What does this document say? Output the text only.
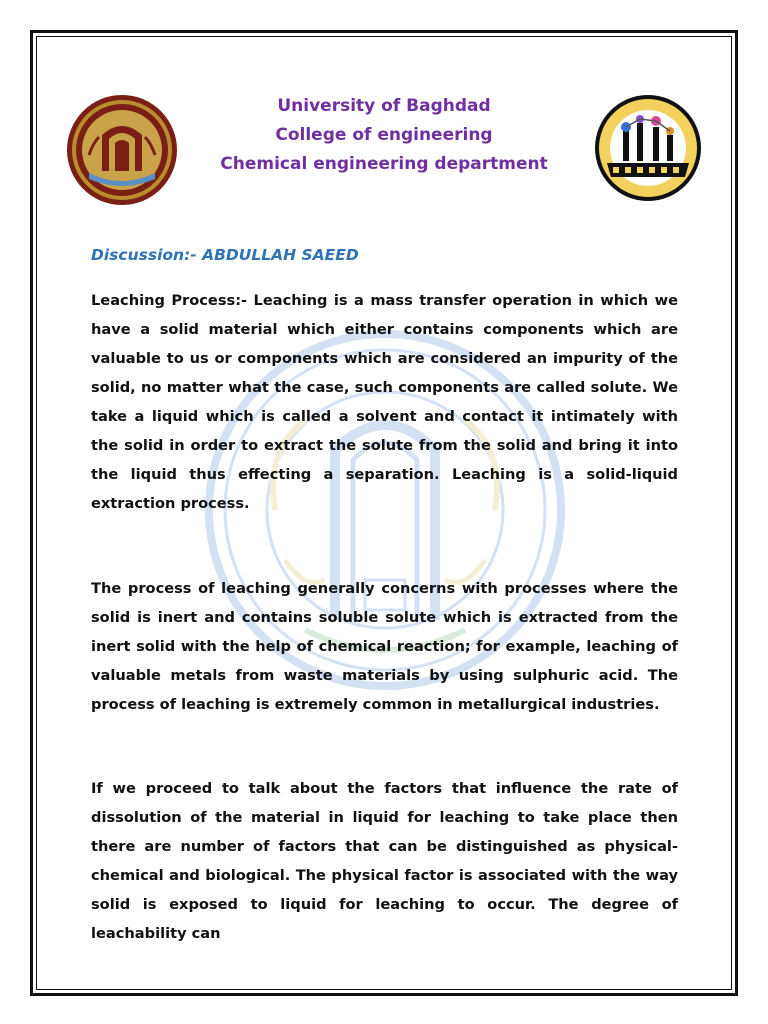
University of Baghdad
College of engineering
Chemical engineering department
Discussion:- ABDULLAH SAEED

Leaching Process:- Leaching is a mass transfer operation in which we have a solid material which either contains components which are valuable to us or components which are considered an impurity of the solid, no matter what the case, such components are called solute. We take a liquid which is called a solvent and contact it intimately with the solid in order to extract the solute from the solid and bring it into the liquid thus effecting a separation. Leaching is a solid-liquid extraction process.

The process of leaching generally concerns with processes where the solid is inert and contains soluble solute which is extracted from the inert solid with the help of chemical reaction; for example, leaching of valuable metals from waste materials by using sulphuric acid. The process of leaching is extremely common in metallurgical industries.

If we proceed to talk about the factors that influence the rate of dissolution of the material in liquid for leaching to take place then there are number of factors that can be distinguished as physical-chemical and biological. The physical factor is associated with the way solid is exposed to liquid for leaching to occur. The degree of leachability can
